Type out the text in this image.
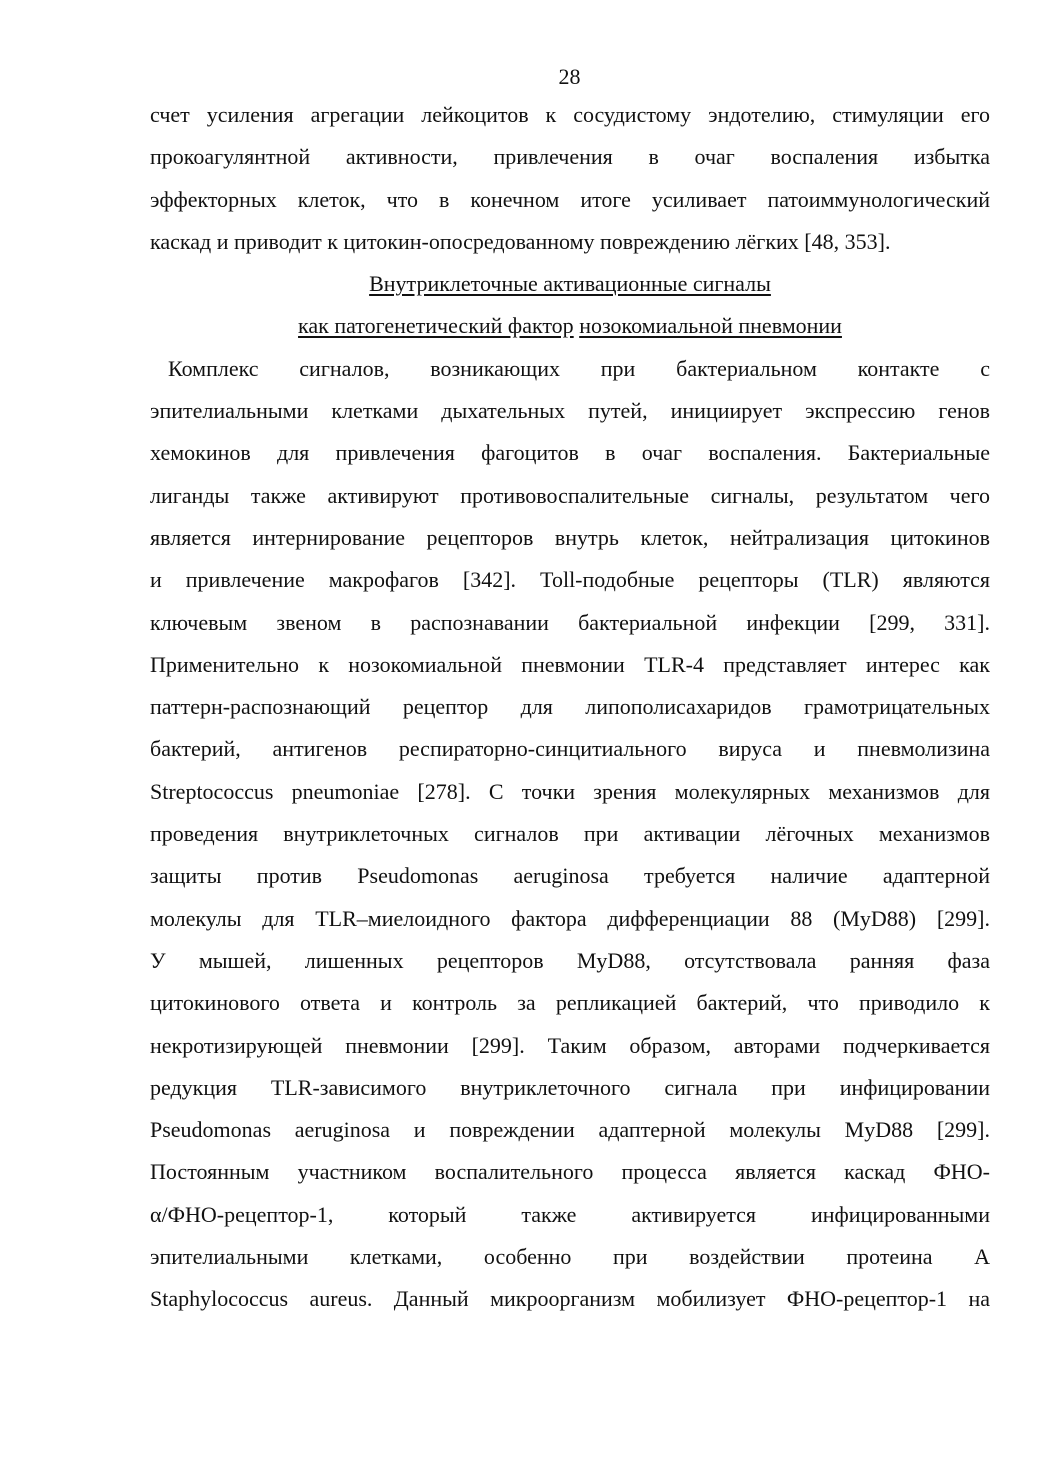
28
счет усиления агрегации лейкоцитов к сосудистому эндотелию, стимуляции его
прокоагулянтной активности, привлечения в очаг воспаления избытка
эффекторных клеток, что в конечном итоге усиливает патоиммунологический
каскад и приводит к цитокин-опосредованному повреждению лёгких [48, 353].
Внутриклеточные активационные сигналы
как патогенетический фактор нозокомиальной пневмонии
Комплекс сигналов, возникающих при бактериальном контакте с
эпителиальными клетками дыхательных путей, инициирует экспрессию генов
хемокинов для привлечения фагоцитов в очаг воспаления. Бактериальные
лиганды также активируют противовоспалительные сигналы, результатом чего
является интернирование рецепторов внутрь клеток, нейтрализация цитокинов
и привлечение макрофагов [342]. Toll-подобные рецепторы (TLR) являются
ключевым звеном в распознавании бактериальной инфекции [299, 331].
Применительно к нозокомиальной пневмонии TLR-4 представляет интерес как
паттерн-распознающий рецептор для липополисахаридов грамотрицательных
бактерий, антигенов респираторно-синцитиального вируса и пневмолизина
Streptococcus pneumoniae [278]. С точки зрения молекулярных механизмов для
проведения внутриклеточных сигналов при активации лёгочных механизмов
защиты против Pseudomonas aeruginosa требуется наличие адаптерной
молекулы для TLR–миелоидного фактора дифференциации 88 (MyD88) [299].
У мышей, лишенных рецепторов MyD88, отсутствовала ранняя фаза
цитокинового ответа и контроль за репликацией бактерий, что приводило к
некротизирующей пневмонии [299]. Таким образом, авторами подчеркивается
редукция TLR-зависимого внутриклеточного сигнала при инфицировании
Pseudomonas aeruginosa и повреждении адаптерной молекулы MyD88 [299].
Постоянным участником воспалительного процесса является каскад ФНО-
α/ФНО-рецептор-1, который также активируется инфицированными
эпителиальными клетками, особенно при воздействии протеина A
Staphylococcus aureus. Данный микроорганизм мобилизует ФНО-рецептор-1 на
